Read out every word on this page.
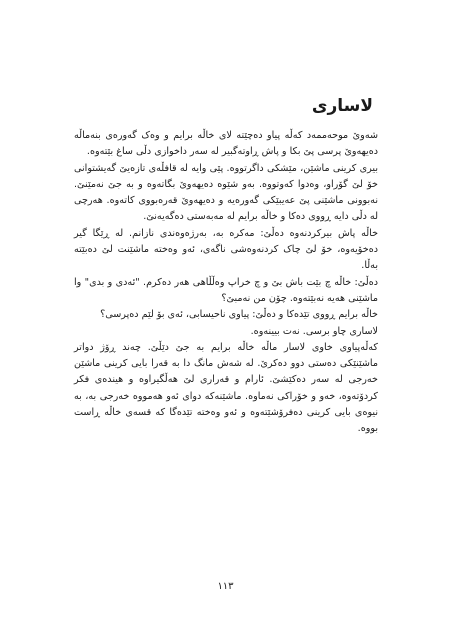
لاساری

شەوێ موحەممەد کەڵە پیاو دەچێتە لای خاڵە برایم و وەک گەورەی بنەماڵە دەیهەوێ پرسی پێ بکا و پاش ڕاوتەگبیر لە سەر داخوازی دڵی ساغ بێتەوە.

بیری کرینی ماشێن، مێشکی داگرتووە. پێی وایە لە قافڵەی تازەیێ گەیشتوانی خۆ لێ گۆراو، وەدوا کەوتووە. بەو شێوە دەیهەوێ بگاتەوە و بە جێ نەمێنێ. نەبوونی ماشێنی پێ عەیبێکی گەورەیە و دەیهەوێ قەرەبووی کاتەوە. هەرچی لە دڵی دایە ڕووی دەکا و خاڵە برایم لە مەبەستی دەگەیەنێ.

خاڵە پاش بیرکردنەوە دەڵێ: مەکرە بە، بەرژەوەندی نازانم. لە ڕێگا گیر دەخۆیەوە، خۆ لێ چاک کردنەوەشی ناگەی، ئەو وەختە ماشێنت لێ دەبێتە بەڵا.

دەڵێ: خاڵە چ بێت باش بێ و چ خراپ وەڵڵاهی هەر دەکرم. "ئەدی و بدی" وا ماشێنی هەیە نەبێتەوە. چۆن من نەمبێ؟

خاڵە برایم ڕووی تێدەکا و دەڵێ: پیاوی ناحیسابی، ئەی بۆ لێم دەپرسی؟

لاساری چاو برسی. نەت بیینەوە.

کەڵەپیاوی خاوی لاسار ماڵە خاڵە برایم بە جێ دێڵێ. چەند ڕۆژ دواتر ماشێنێکی دەستی دوو دەکرێ. لە شەش مانگ دا بە قەرا بایی کرینی ماشێن خەرجی لە سەر دەکێشێ. ئارام و قەراری لێ هەڵگیراوە و هیندەی فکر کردۆتەوە، خەو و خۆراکی نەماوە. ماشێنەکە دوای ئەو هەمووە خەرجی بە، بە نیوەی بایی کرینی دەفرۆشێتەوە و ئەو وەختە تێدەگا کە قسەی خاڵە ڕاست بووە.

١١٣
